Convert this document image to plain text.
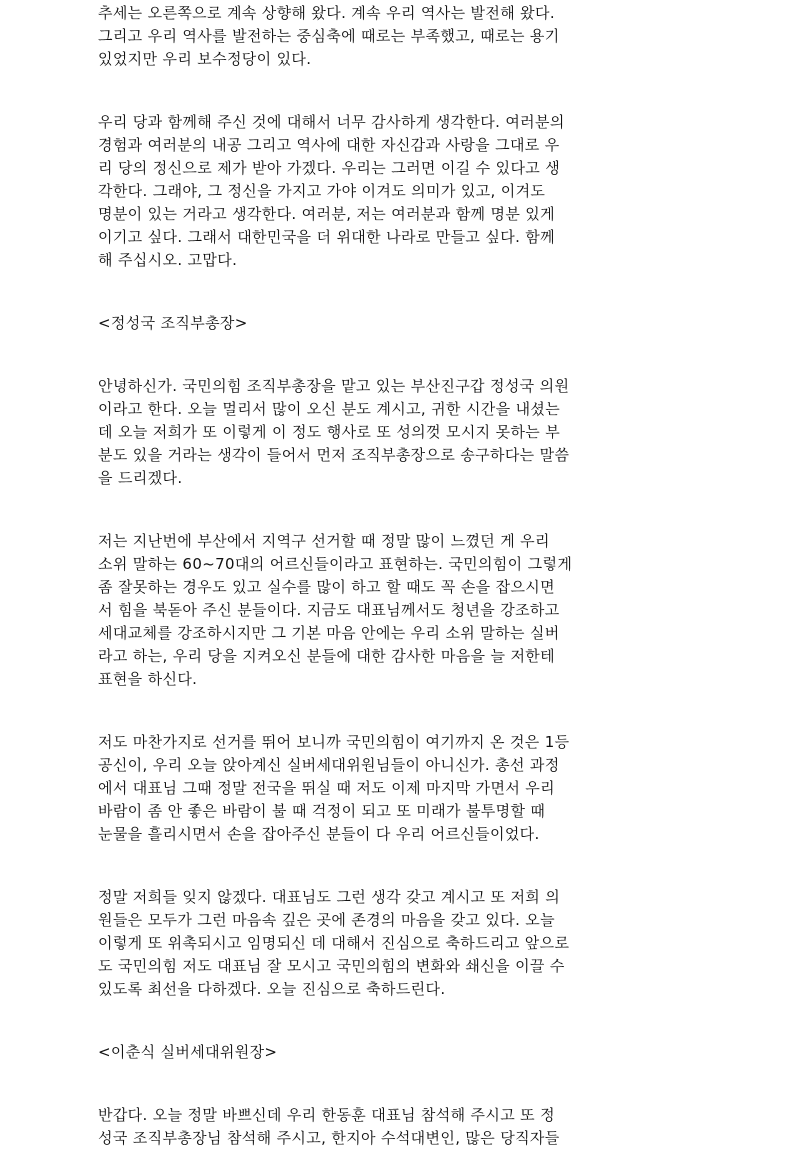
추세는 오른쪽으로 계속 상향해 왔다. 계속 우리 역사는 발전해 왔다.
그리고 우리 역사를 발전하는 중심축에 때로는 부족했고, 때로는 용기
있었지만 우리 보수정당이 있다.
우리 당과 함께해 주신 것에 대해서 너무 감사하게 생각한다. 여러분의
경험과 여러분의 내공 그리고 역사에 대한 자신감과 사랑을 그대로 우
리 당의 정신으로 제가 받아 가겠다. 우리는 그러면 이길 수 있다고 생
각한다. 그래야, 그 정신을 가지고 가야 이겨도 의미가 있고, 이겨도
명분이 있는 거라고 생각한다. 여러분, 저는 여러분과 함께 명분 있게
이기고 싶다. 그래서 대한민국을 더 위대한 나라로 만들고 싶다. 함께
해 주십시오. 고맙다.
<정성국 조직부총장>
안녕하신가. 국민의힘 조직부총장을 맡고 있는 부산진구갑 정성국 의원
이라고 한다. 오늘 멀리서 많이 오신 분도 계시고, 귀한 시간을 내셨는
데 오늘 저희가 또 이렇게 이 정도 행사로 또 성의껏 모시지 못하는 부
분도 있을 거라는 생각이 들어서 먼저 조직부총장으로 송구하다는 말씀
을 드리겠다.
저는 지난번에 부산에서 지역구 선거할 때 정말 많이 느꼈던 게 우리
소위 말하는 60~70대의 어르신들이라고 표현하는. 국민의힘이 그렇게
좀 잘못하는 경우도 있고 실수를 많이 하고 할 때도 꼭 손을 잡으시면
서 힘을 북돋아 주신 분들이다. 지금도 대표님께서도 청년을 강조하고
세대교체를 강조하시지만 그 기본 마음 안에는 우리 소위 말하는 실버
라고 하는, 우리 당을 지켜오신 분들에 대한 감사한 마음을 늘 저한테
표현을 하신다.
저도 마찬가지로 선거를 뛰어 보니까 국민의힘이 여기까지 온 것은 1등
공신이, 우리 오늘 앉아계신 실버세대위원님들이 아니신가. 총선 과정
에서 대표님 그때 정말 전국을 뛰실 때 저도 이제 마지막 가면서 우리
바람이 좀 안 좋은 바람이 불 때 걱정이 되고 또 미래가 불투명할 때
눈물을 흘리시면서 손을 잡아주신 분들이 다 우리 어르신들이었다.
정말 저희들 잊지 않겠다. 대표님도 그런 생각 갖고 계시고 또 저희 의
원들은 모두가 그런 마음속 깊은 곳에 존경의 마음을 갖고 있다. 오늘
이렇게 또 위촉되시고 임명되신 데 대해서 진심으로 축하드리고 앞으로
도 국민의힘 저도 대표님 잘 모시고 국민의힘의 변화와 쇄신을 이끌 수
있도록 최선을 다하겠다. 오늘 진심으로 축하드린다.
<이춘식 실버세대위원장>
반갑다. 오늘 정말 바쁘신데 우리 한동훈 대표님 참석해 주시고 또 정
성국 조직부총장님 참석해 주시고, 한지아 수석대변인, 많은 당직자들
